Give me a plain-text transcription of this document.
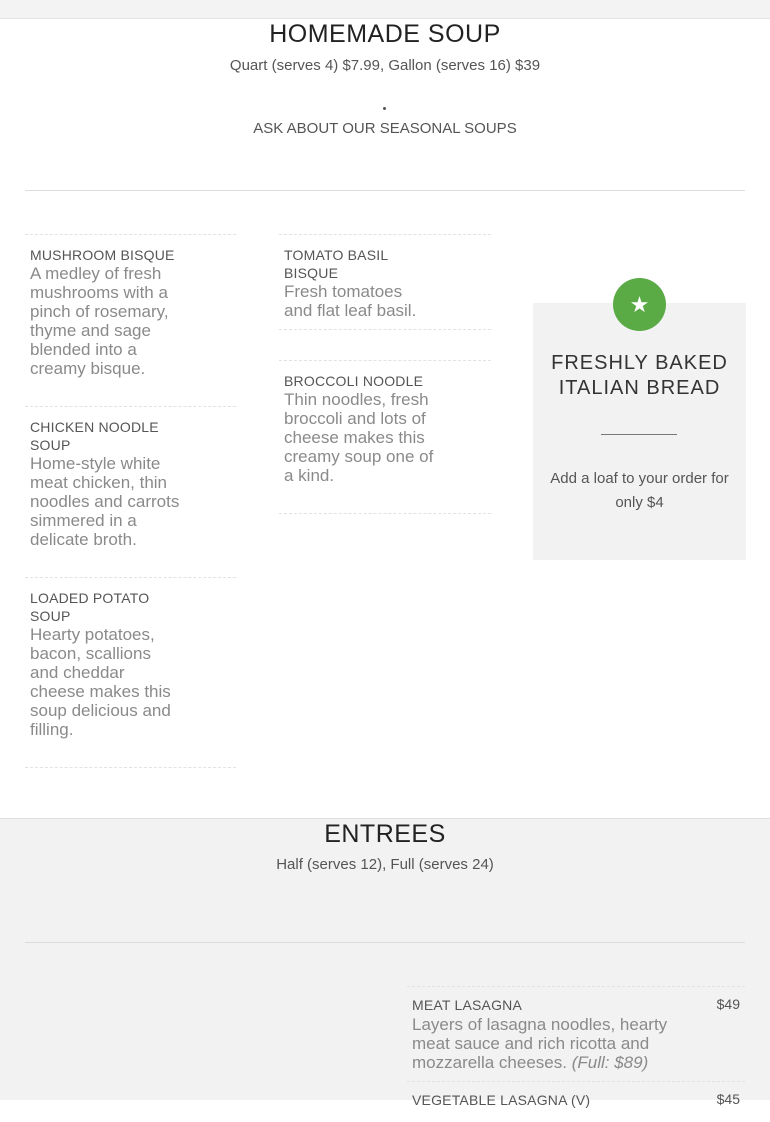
HOMEMADE SOUP
Quart (serves 4) $7.99, Gallon (serves 16) $39
ASK ABOUT OUR SEASONAL SOUPS
MUSHROOM BISQUE
A medley of fresh mushrooms with a pinch of rosemary, thyme and sage blended into a creamy bisque.
CHICKEN NOODLE SOUP
Home-style white meat chicken, thin noodles and carrots simmered in a delicate broth.
LOADED POTATO SOUP
Hearty potatoes, bacon, scallions and cheddar cheese makes this soup delicious and filling.
TOMATO BASIL BISQUE
Fresh tomatoes and flat leaf basil.
BROCCOLI NOODLE
Thin noodles, fresh broccoli and lots of cheese makes this creamy soup one of a kind.
FRESHLY BAKED ITALIAN BREAD
Add a loaf to your order for only $4
★
ENTREES
Half (serves 12), Full (serves 24)
MEAT LASAGNA	$49
Layers of lasagna noodles, hearty meat sauce and rich ricotta and mozzarella cheeses. (Full: $89)
VEGETABLE LASAGNA (V)	$45
